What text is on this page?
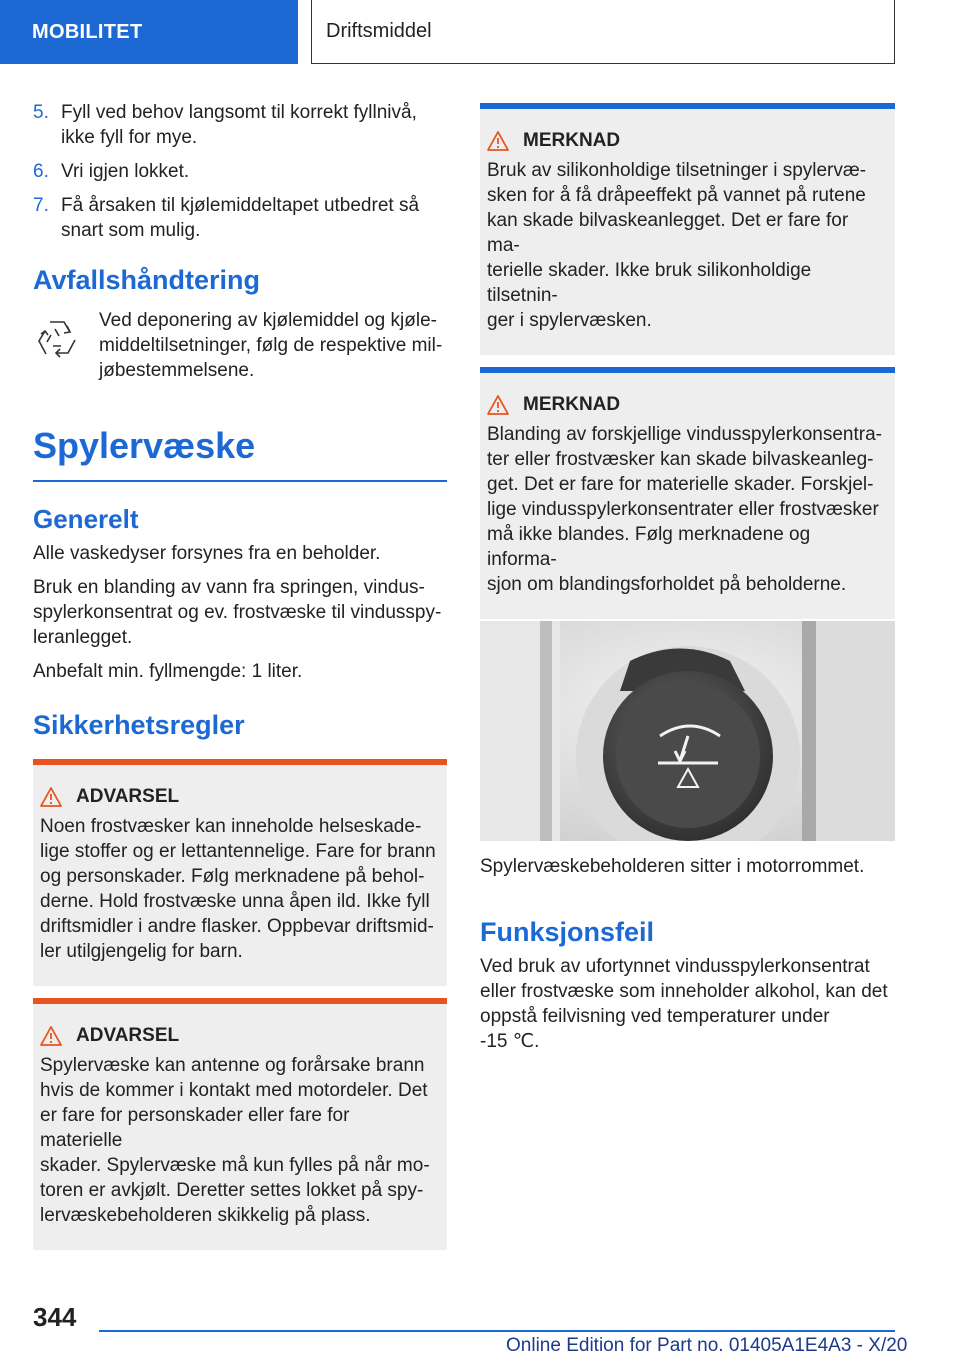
MOBILITET	Driftsmiddel
5. Fyll ved behov langsomt til korrekt fyllnivå,
ikke fyll for mye.
6. Vri igjen lokket.
7. Få årsaken til kjølemiddeltapet utbedret så
snart som mulig.
Avfallshåndtering

Ved deponering av kjølemiddel og kjøle-

middeltilsetninger, følg de respektive mil-

jøbestemmelsene.

Spylervæske
Generelt

Alle vaskedyser forsynes fra en beholder.

Bruk en blanding av vann fra springen, vindus-

spylerkonsentrat og ev. frostvæske til vindusspy-

leranlegget.

Anbefalt min. fyllmengde: 1 liter.

Sikkerhetsregler
ADVARSEL

Noen frostvæsker kan inneholde helseskade-

lige stoffer og er lettantennelige. Fare for brann

og personskader. Følg merknadene på behol-

derne. Hold frostvæske unna åpen ild. Ikke fyll

driftsmidler i andre flasker. Oppbevar driftsmid-

ler utilgjengelig for barn.

ADVARSEL

Spylervæske kan antenne og forårsake brann

hvis de kommer i kontakt med motordeler. Det

er fare for personskader eller fare for materielle

skader. Spylervæske må kun fylles på når mo-

toren er avkjølt. Deretter settes lokket på spy-

lervæskebeholderen skikkelig på plass.

MERKNAD

Bruk av silikonholdige tilsetninger i spylervæ-

sken for å få dråpeeffekt på vannet på rutene

kan skade bilvaskeanlegget. Det er fare for ma-

terielle skader. Ikke bruk silikonholdige tilsetnin-

ger i spylervæsken.

MERKNAD

Blanding av forskjellige vindusspylerkonsentra-

ter eller frostvæsker kan skade bilvaskeanleg-

get. Det er fare for materielle skader. Forskjel-

lige vindusspylerkonsentrater eller frostvæsker

må ikke blandes. Følg merknadene og informa-

sjon om blandingsforholdet på beholderne.

Spylervæskebeholderen sitter i motorrommet.

Funksjonsfeil

Ved bruk av ufortynnet vindusspylerkonsentrat

eller frostvæske som inneholder alkohol, kan det

oppstå feilvisning ved temperaturer under

-15 ℃.

344
Online Edition for Part no. 01405A1E4A3 - X/20
